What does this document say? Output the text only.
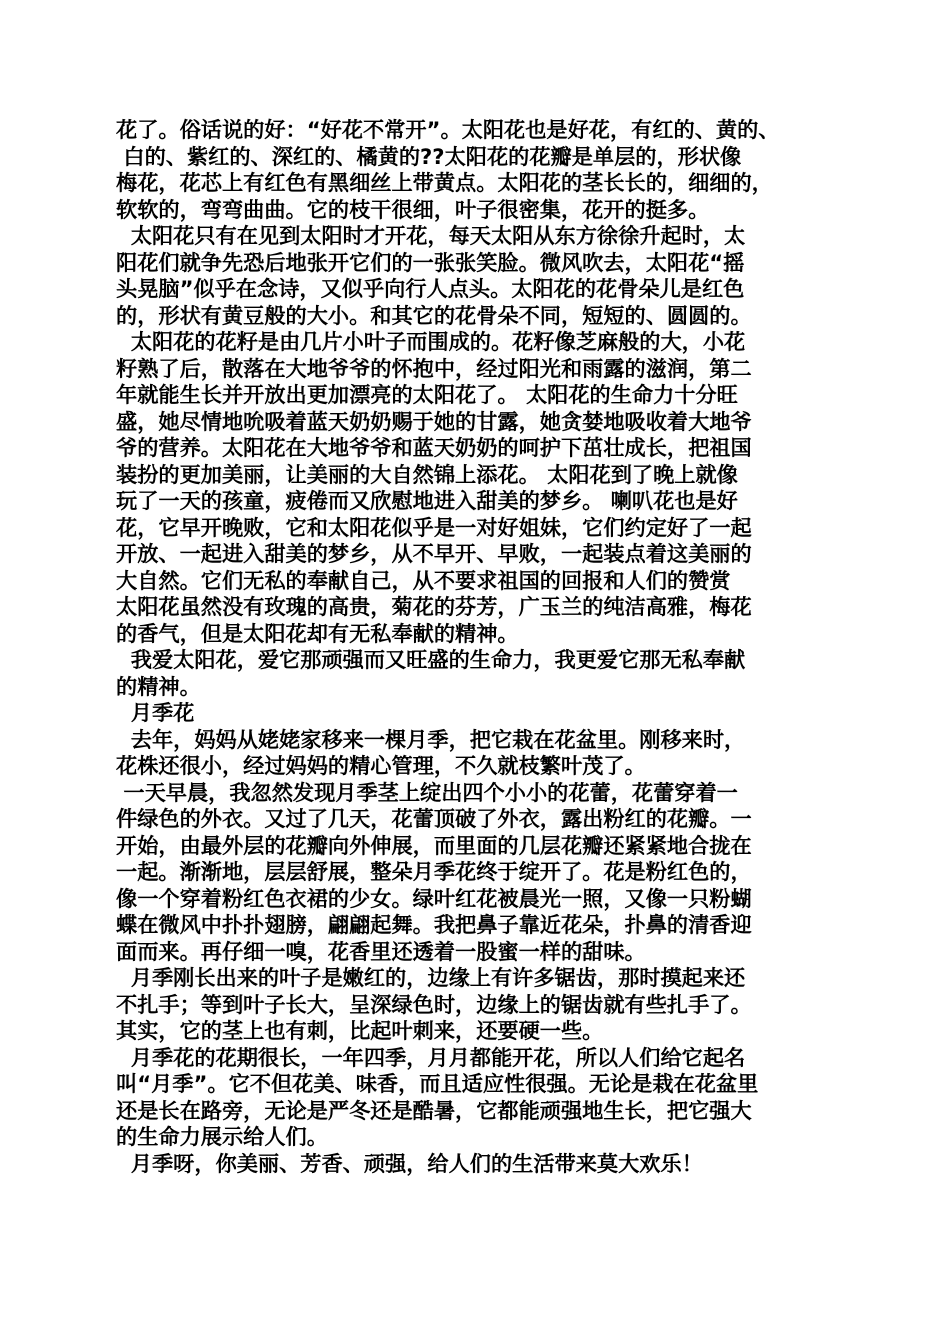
花了。俗话说的好：“好花不常开”。太阳花也是好花，有红的、黄的、
白的、紫红的、深红的、橘黄的??太阳花的花瓣是单层的，形状像
梅花，花芯上有红色有黑细丝上带黄点。太阳花的茎长长的，细细的，
软软的，弯弯曲曲。它的枝干很细，叶子很密集，花开的挺多。
太阳花只有在见到太阳时才开花，每天太阳从东方徐徐升起时，太
阳花们就争先恐后地张开它们的一张张笑脸。微风吹去，太阳花“摇
头晃脑”似乎在念诗，又似乎向行人点头。太阳花的花骨朵儿是红色
的，形状有黄豆般的大小。和其它的花骨朵不同，短短的、圆圆的。
太阳花的花籽是由几片小叶子而围成的。花籽像芝麻般的大，小花
籽熟了后，散落在大地爷爷的怀抱中，经过阳光和雨露的滋润，第二
年就能生长并开放出更加漂亮的太阳花了。 太阳花的生命力十分旺
盛，她尽情地吮吸着蓝天奶奶赐于她的甘露，她贪婪地吸收着大地爷
爷的营养。太阳花在大地爷爷和蓝天奶奶的呵护下茁壮成长，把祖国
装扮的更加美丽，让美丽的大自然锦上添花。 太阳花到了晚上就像
玩了一天的孩童，疲倦而又欣慰地进入甜美的梦乡。 喇叭花也是好
花，它早开晚败，它和太阳花似乎是一对好姐妹，它们约定好了一起
开放、一起进入甜美的梦乡，从不早开、早败，一起装点着这美丽的
大自然。它们无私的奉献自己，从不要求祖国的回报和人们的赞赏
太阳花虽然没有玫瑰的高贵，菊花的芬芳，广玉兰的纯洁高雅，梅花
的香气，但是太阳花却有无私奉献的精神。
我爱太阳花，爱它那顽强而又旺盛的生命力，我更爱它那无私奉献
的精神。
月季花
去年，妈妈从姥姥家移来一棵月季，把它栽在花盆里。刚移来时，
花株还很小，经过妈妈的精心管理，不久就枝繁叶茂了。
一天早晨，我忽然发现月季茎上绽出四个小小的花蕾，花蕾穿着一
件绿色的外衣。又过了几天，花蕾顶破了外衣，露出粉红的花瓣。一
开始，由最外层的花瓣向外伸展，而里面的几层花瓣还紧紧地合拢在
一起。渐渐地，层层舒展，整朵月季花终于绽开了。花是粉红色的，
像一个穿着粉红色衣裙的少女。绿叶红花被晨光一照，又像一只粉蝴
蝶在微风中扑扑翅膀，翩翩起舞。我把鼻子靠近花朵，扑鼻的清香迎
面而来。再仔细一嗅，花香里还透着一股蜜一样的甜味。
月季刚长出来的叶子是嫩红的，边缘上有许多锯齿，那时摸起来还
不扎手；等到叶子长大，呈深绿色时，边缘上的锯齿就有些扎手了。
其实，它的茎上也有刺，比起叶刺来，还要硬一些。
月季花的花期很长，一年四季，月月都能开花，所以人们给它起名
叫“月季”。它不但花美、味香，而且适应性很强。无论是栽在花盆里
还是长在路旁，无论是严冬还是酷暑，它都能顽强地生长，把它强大
的生命力展示给人们。
月季呀，你美丽、芳香、顽强，给人们的生活带来莫大欢乐！
